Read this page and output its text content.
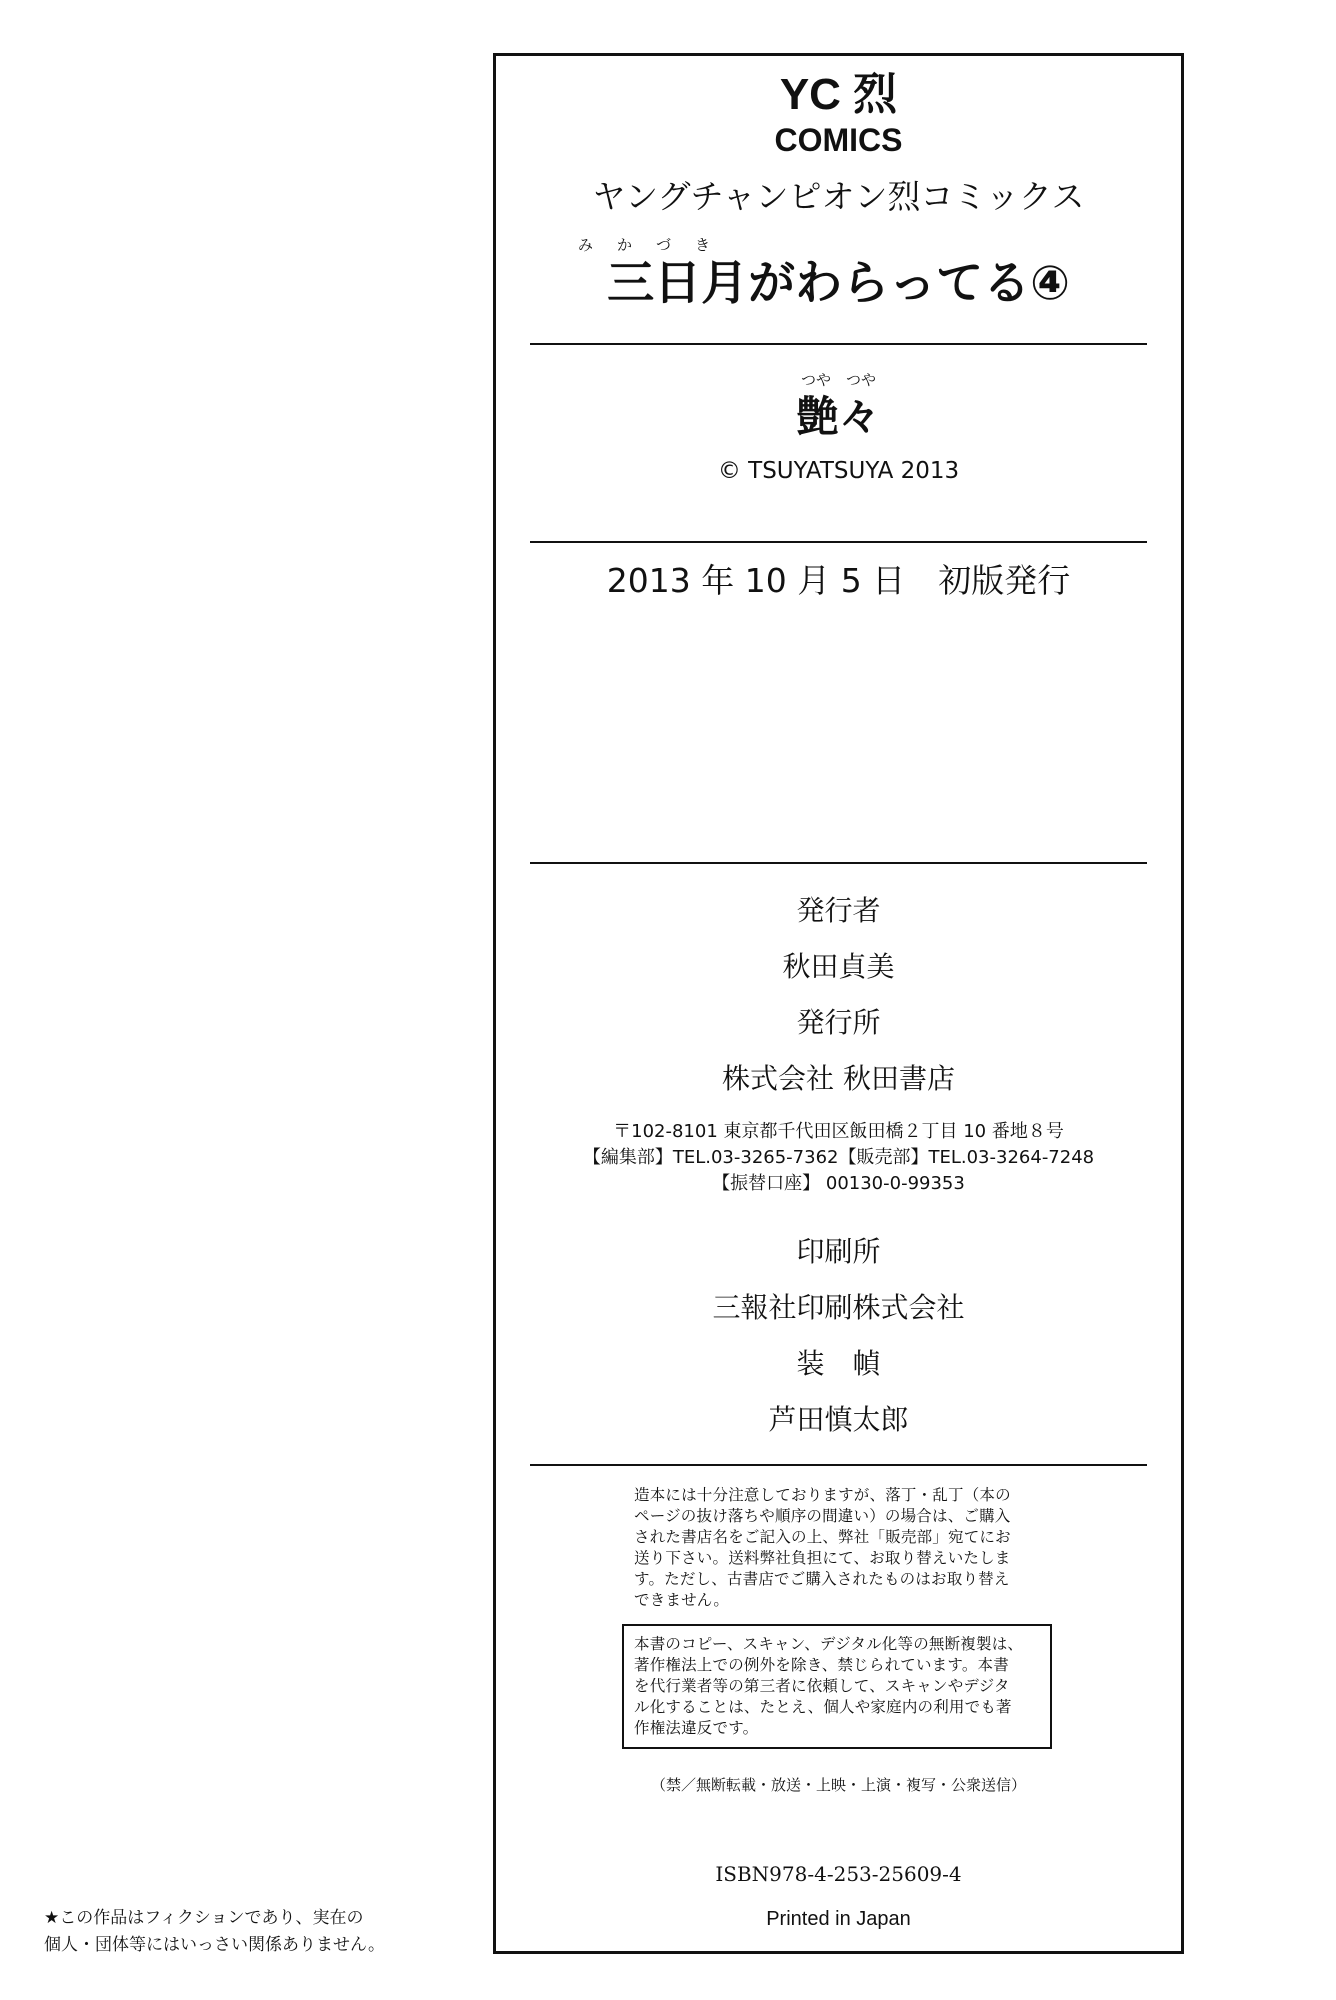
YC 烈
COMICS
ヤングチャンピオン烈コミックス
みかづき
三日月がわらってる④
つや　つや
艶々
© TSUYATSUYA 2013
2013 年 10 月 5 日　初版発行
発行者
秋田貞美
発行所
株式会社 秋田書店
〒102-8101 東京都千代田区飯田橋２丁目 10 番地８号
【編集部】TEL.03-3265-7362【販売部】TEL.03-3264-7248
【振替口座】 00130-0-99353
印刷所
三報社印刷株式会社
装　幀
芦田慎太郎

造本には十分注意しておりますが、落丁・乱丁（本の

ページの抜け落ちや順序の間違い）の場合は、ご購入

された書店名をご記入の上、弊社「販売部」宛てにお

送り下さい。送料弊社負担にて、お取り替えいたしま

す。ただし、古書店でご購入されたものはお取り替え

できません。

本書のコピー、スキャン、デジタル化等の無断複製は、

著作権法上での例外を除き、禁じられています。本書

を代行業者等の第三者に依頼して、スキャンやデジタ

ル化することは、たとえ、個人や家庭内の利用でも著

作権法違反です。

（禁／無断転載・放送・上映・上演・複写・公衆送信）
ISBN978-4-253-25609-4
Printed in Japan
★この作品はフィクションであり、実在の
個人・団体等にはいっさい関係ありません。
